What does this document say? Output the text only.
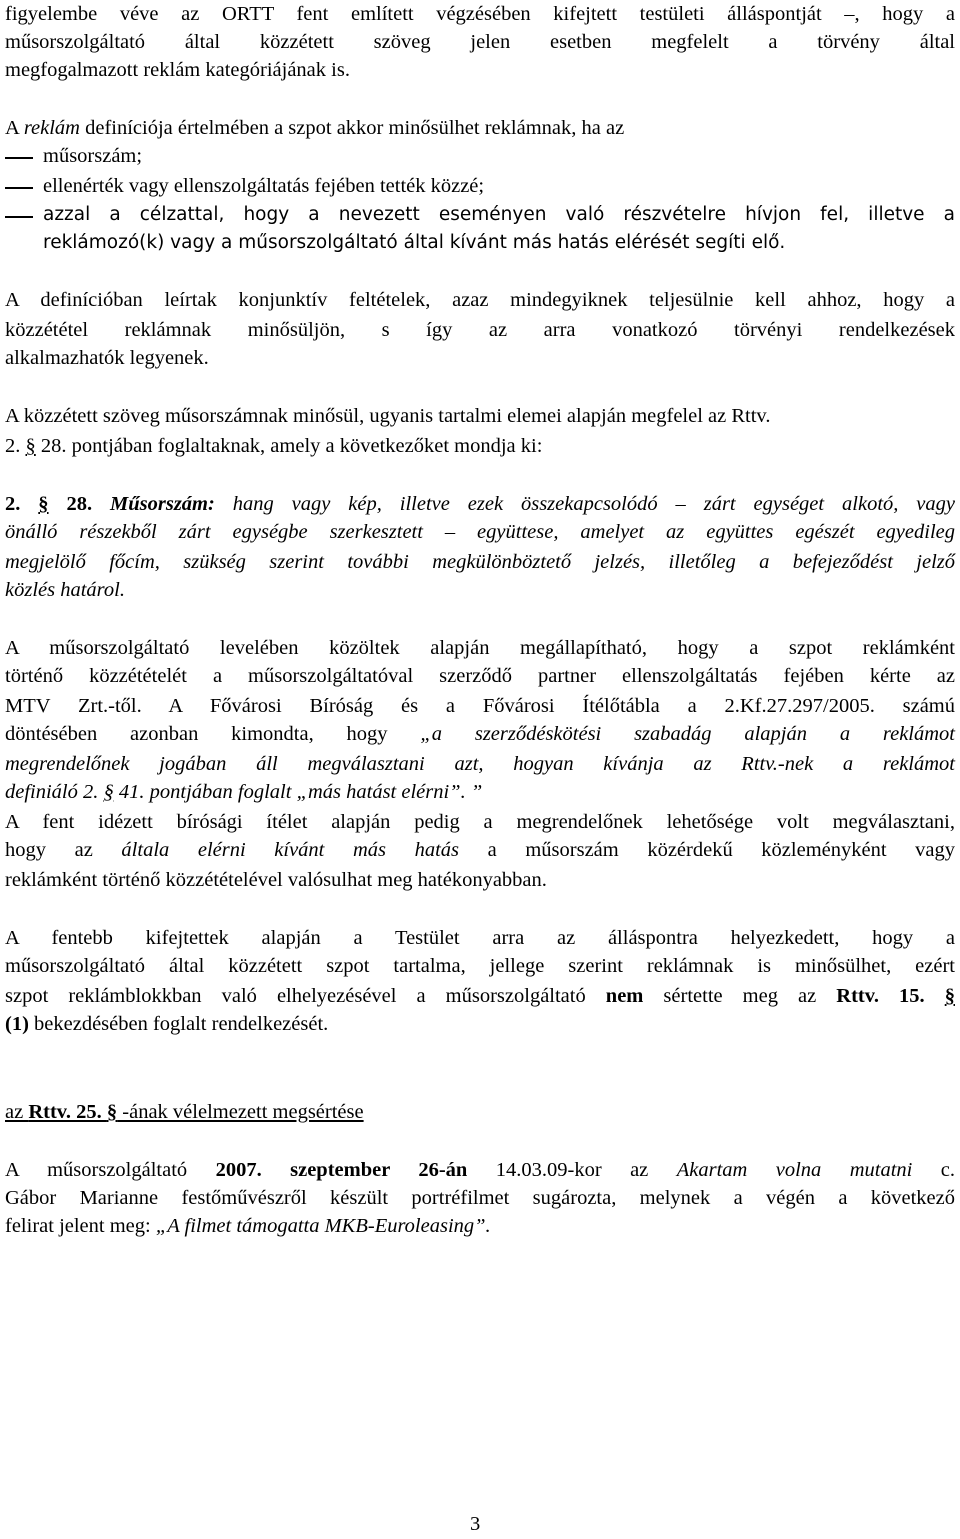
figyelembe véve az ORTT fent említett végzésében kifejtett testületi álláspontját –, hogy a
műsorszolgáltató által közzétett szöveg jelen esetben megfelelt a törvény által
megfogalmazott reklám kategóriájának is.
A reklám definíciója értelmében a szpot akkor minősülhet reklámnak, ha az
műsorszám;
ellenérték vagy ellenszolgáltatás fejében tették közzé;
azzal a célzattal, hogy a nevezett eseményen való részvételre hívjon fel, illetve a
reklámozó(k) vagy a műsorszolgáltató által kívánt más hatás elérését segíti elő.
A definícióban leírtak konjunktív feltételek, azaz mindegyiknek teljesülnie kell ahhoz, hogy a
közzététel reklámnak minősüljön, s így az arra vonatkozó törvényi rendelkezések
alkalmazhatók legyenek.
A közzétett szöveg műsorszámnak minősül, ugyanis tartalmi elemei alapján megfelel az Rttv.
2. § 28. pontjában foglaltaknak, amely a következőket mondja ki:
2. § 28. Műsorszám: hang vagy kép, illetve ezek összekapcsolódó – zárt egységet alkotó, vagy
önálló részekből zárt egységbe szerkesztett – együttese, amelyet az együttes egészét egyedileg
megjelölő főcím, szükség szerint további megkülönböztető jelzés, illetőleg a befejeződést jelző
közlés határol.
A műsorszolgáltató levelében közöltek alapján megállapítható, hogy a szpot reklámként
történő közzétételét a műsorszolgáltatóval szerződő partner ellenszolgáltatás fejében kérte az
MTV Zrt.-től. A Fővárosi Bíróság és a Fővárosi Ítélőtábla a 2.Kf.27.297/2005. számú
döntésében azonban kimondta, hogy „a szerződéskötési szabadág alapján a reklámot
megrendelőnek jogában áll megválasztani azt, hogyan kívánja az Rttv.-nek a reklámot
definiáló 2. § 41. pontjában foglalt „más hatást elérni”. ”
A fent idézett bírósági ítélet alapján pedig a megrendelőnek lehetősége volt megválasztani,
hogy az általa elérni kívánt más hatás a műsorszám közérdekű közleményként vagy
reklámként történő közzétételével valósulhat meg hatékonyabban.
A fentebb kifejtettek alapján a Testület arra az álláspontra helyezkedett, hogy a
műsorszolgáltató által közzétett szpot tartalma, jellege szerint reklámnak is minősülhet, ezért
szpot reklámblokkban való elhelyezésével a műsorszolgáltató nem sértette meg az Rttv. 15. §
(1) bekezdésében foglalt rendelkezését.
az Rttv. 25. § -ának vélelmezett megsértése
A műsorszolgáltató 2007. szeptember 26-án 14.03.09-kor az Akartam volna mutatni c.
Gábor Marianne festőművészről készült portréfilmet sugározta, melynek a végén a következő
felirat jelent meg: „A filmet támogatta MKB-Euroleasing”.
3
